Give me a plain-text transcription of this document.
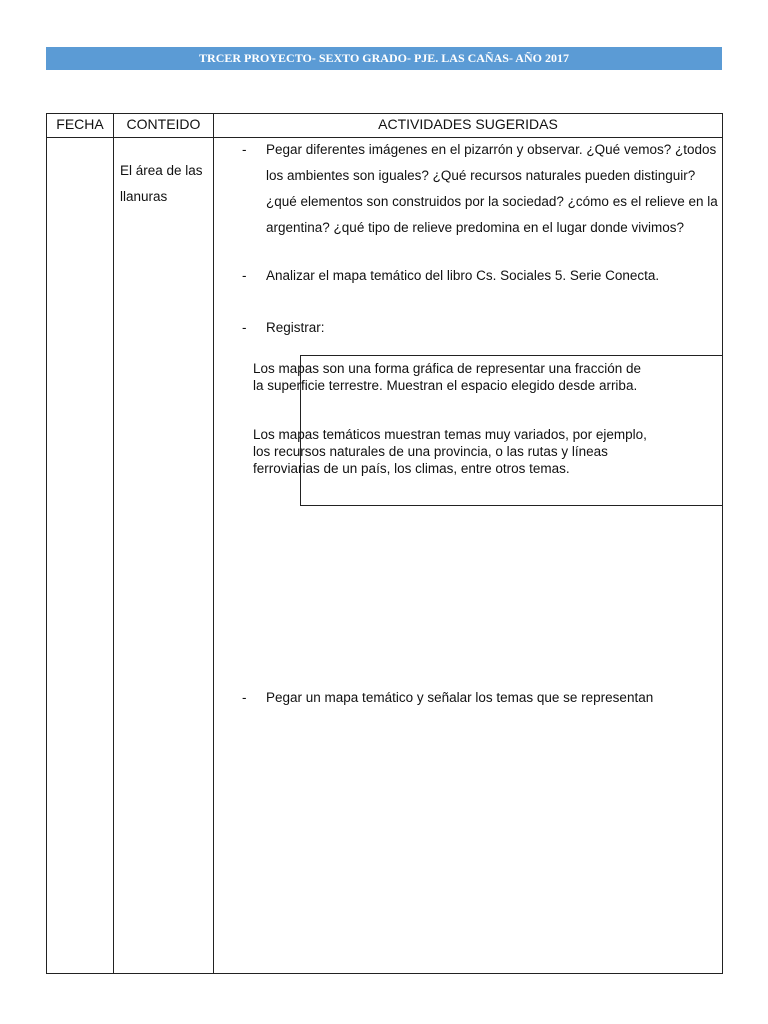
TRCER PROYECTO- SEXTO GRADO- PJE. LAS CAÑAS- AÑO 2017
FECHA	CONTEIDO	ACTIVIDADES SUGERIDAS
El área de las llanuras
- Pegar diferentes imágenes en el pizarrón y observar. ¿Qué vemos? ¿todos los ambientes son iguales? ¿Qué recursos naturales pueden distinguir? ¿qué elementos son construidos por la sociedad? ¿cómo es el relieve en la argentina? ¿qué tipo de relieve predomina en el lugar donde vivimos?
- Analizar el mapa temático del libro Cs. Sociales 5. Serie Conecta.
- Registrar:
Los mapas son una forma gráfica de representar una fracción de la superficie terrestre. Muestran el espacio elegido desde arriba.
Los mapas temáticos muestran temas muy variados, por ejemplo, los recursos naturales de una provincia, o las rutas y líneas ferroviarias de un país, los climas, entre otros temas.
- Pegar un mapa temático y señalar los temas que se representan
